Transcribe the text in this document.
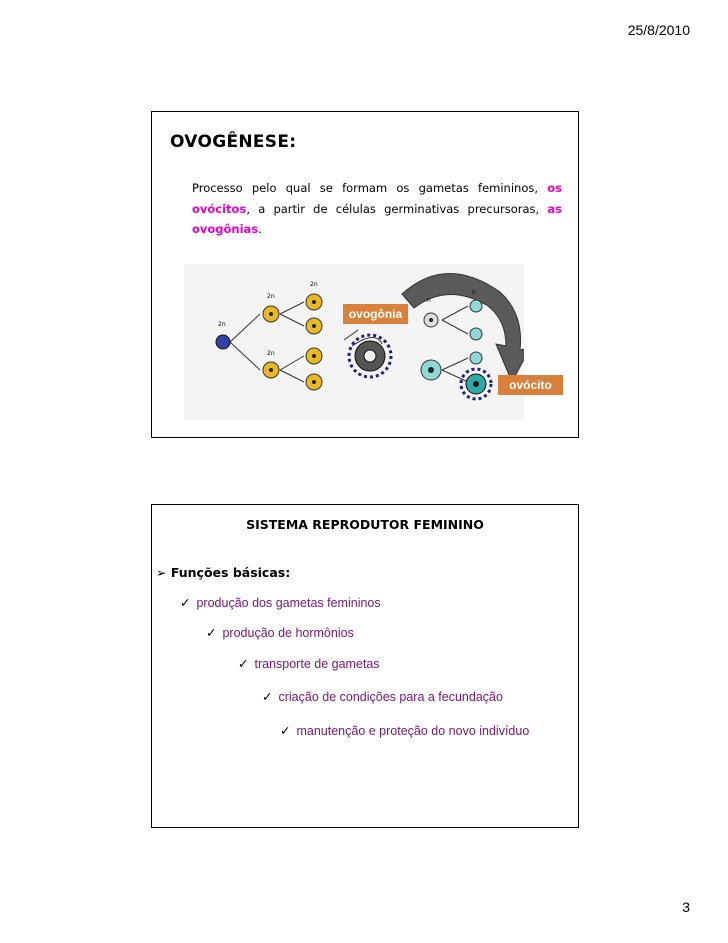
25/8/2010
OVOGÊNESE:
Processo pelo qual se formam os gametas femininos, os ovócitos, a partir de células germinativas precursoras, as ovogônias.
2n
2n
2n
2n
n
n
ovogônia
ovócito
SISTEMA REPRODUTOR FEMININO
➢ Funções básicas:
✓ produção dos gametas femininos
✓ produção de hormônios
✓ transporte de gametas
✓ criação de condições para a fecundação
✓ manutenção e proteção do novo indivíduo
3
